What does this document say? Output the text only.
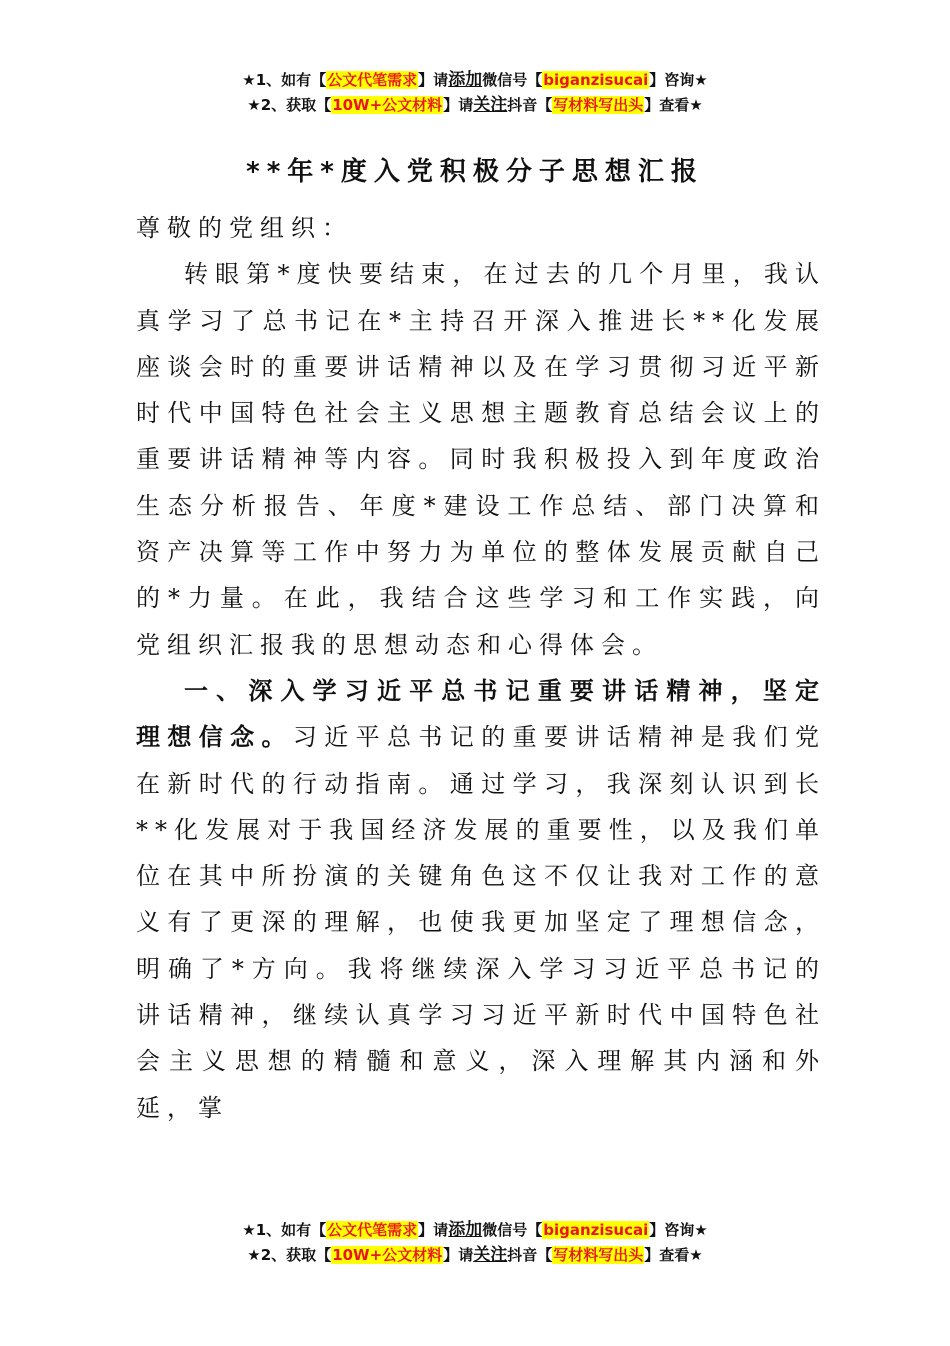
★1、如有【公文代笔需求】请添加微信号【biganzisucai】咨询★
★2、获取【10W+公文材料】请关注抖音【写材料写出头】查看★
**年*度入党积极分子思想汇报

尊敬的党组织：

转眼第*度快要结束，在过去的几个月里，我认真学习了总书记在*主持召开深入推进长**化发展座谈会时的重要讲话精神以及在学习贯彻习近平新时代中国特色社会主义思想主题教育总结会议上的重要讲话精神等内容。同时我积极投入到年度政治生态分析报告、年度*建设工作总结、部门决算和资产决算等工作中努力为单位的整体发展贡献自己的*力量。在此，我结合这些学习和工作实践，向党组织汇报我的思想动态和心得体会。

一、深入学习近平总书记重要讲话精神，坚定理想信念。习近平总书记的重要讲话精神是我们党在新时代的行动指南。通过学习，我深刻认识到长**化发展对于我国经济发展的重要性，以及我们单位在其中所扮演的关键角色这不仅让我对工作的意义有了更深的理解，也使我更加坚定了理想信念，明确了*方向。我将继续深入学习习近平总书记的讲话精神，继续认真学习习近平新时代中国特色社会主义思想的精髓和意义，深入理解其内涵和外延，掌

★1、如有【公文代笔需求】请添加微信号【biganzisucai】咨询★
★2、获取【10W+公文材料】请关注抖音【写材料写出头】查看★
